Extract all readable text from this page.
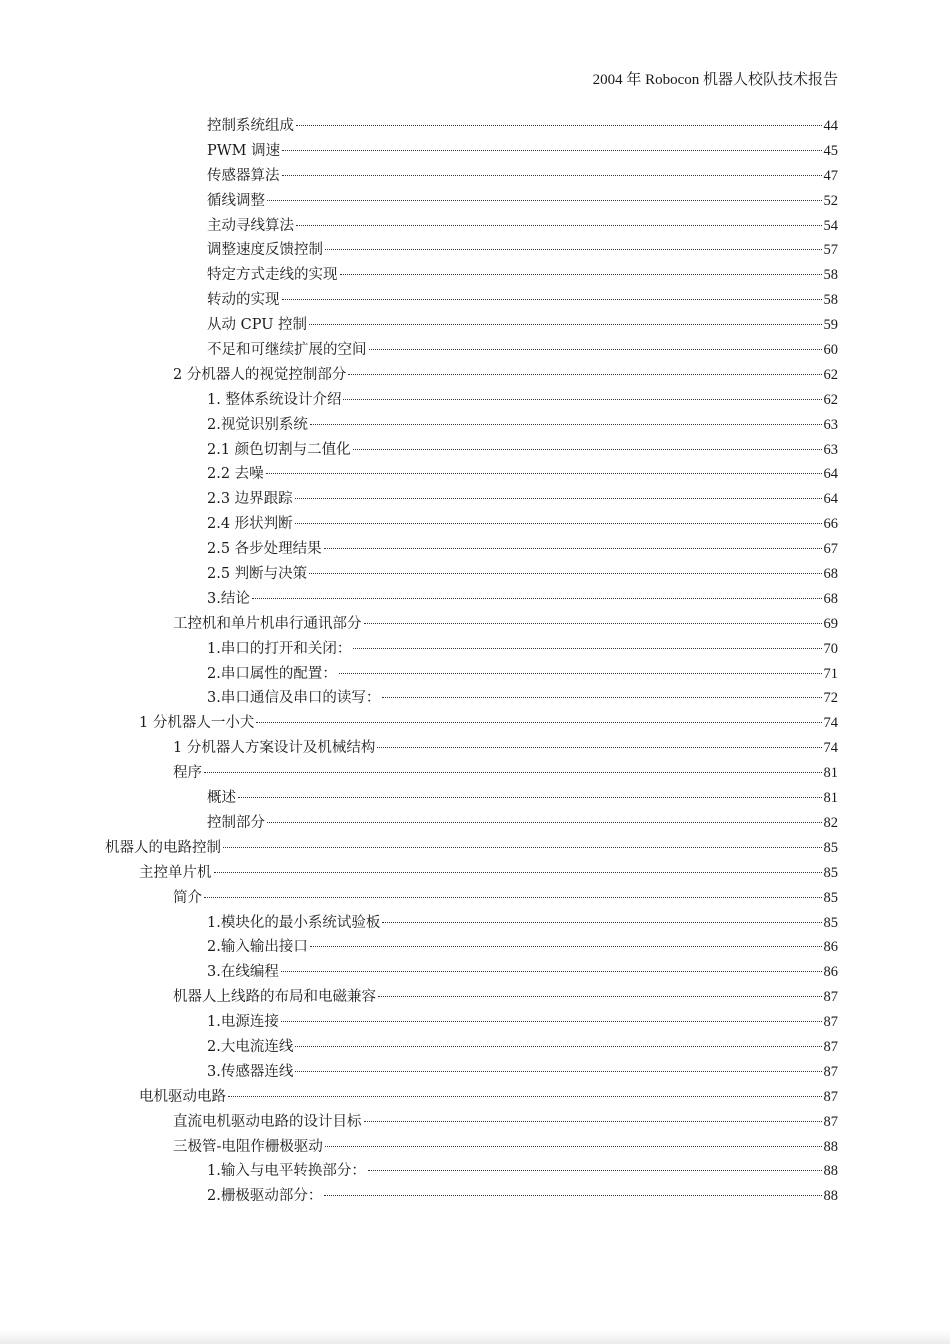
2004 年 Robocon 机器人校队技术报告
控制系统组成	44
PWM 调速	45
传感器算法	47
循线调整	52
主动寻线算法	54
调整速度反馈控制	57
特定方式走线的实现	58
转动的实现	58
从动 CPU 控制	59
不足和可继续扩展的空间	60
2 分机器人的视觉控制部分	62
1. 整体系统设计介绍	62
2.视觉识别系统	63
2.1 颜色切割与二值化	63
2.2 去噪	64
2.3 边界跟踪	64
2.4 形状判断	66
2.5 各步处理结果	67
2.5 判断与决策	68
3.结论	68
工控机和单片机串行通讯部分	69
1.串口的打开和关闭：	70
2.串口属性的配置：	71
3.串口通信及串口的读写：	72
1 分机器人一小犬	74
1 分机器人方案设计及机械结构	74
程序	81
概述	81
控制部分	82
机器人的电路控制	85
主控单片机	85
简介	85
1.模块化的最小系统试验板	85
2.输入输出接口	86
3.在线编程	86
机器人上线路的布局和电磁兼容	87
1.电源连接	87
2.大电流连线	87
3.传感器连线	87
电机驱动电路	87
直流电机驱动电路的设计目标	87
三极管-电阻作栅极驱动	88
1.输入与电平转换部分：	88
2.栅极驱动部分：	88
